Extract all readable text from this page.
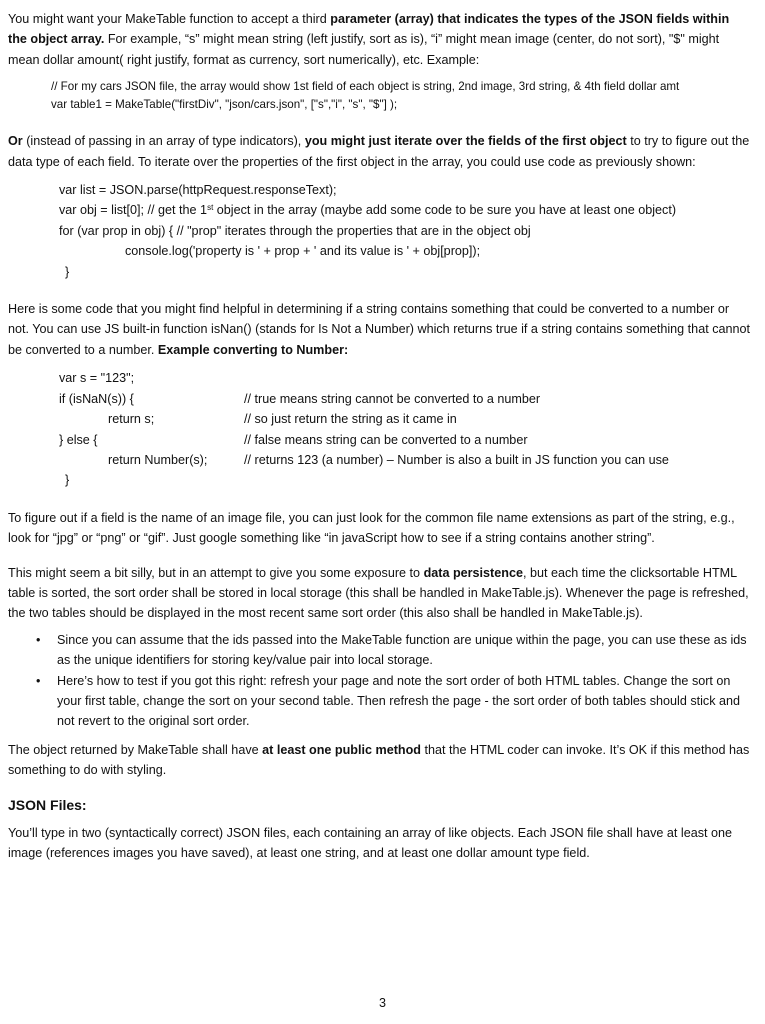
You might want your MakeTable function to accept a third parameter (array) that indicates the types of the JSON fields within the object array. For example, “s” might mean string (left justify, sort as is), “i” might mean image (center, do not sort), "$" might mean dollar amount( right justify, format as currency, sort numerically), etc. Example:

// For my cars JSON file, the array would show 1st field of each object is string, 2nd image, 3rd string, & 4th field dollar amt
var table1 = MakeTable("firstDiv", "json/cars.json", ["s","i", "s", "$"] );

Or (instead of passing in an array of type indicators), you might just iterate over the fields of the first object to try to figure out the data type of each field. To iterate over the properties of the first object in the array, you could use code as previously shown:

var list = JSON.parse(httpRequest.responseText);
var obj = list[0]; // get the 1st object in the array (maybe add some code to be sure you have at least one object)
for (var prop in obj) { // "prop" iterates through the properties that are in the object obj
console.log('property is ' + prop + ' and its value is ' + obj[prop]);
}

Here is some code that you might find helpful in determining if a string contains something that could be converted to a number or not. You can use JS built-in function isNan() (stands for Is Not a Number) which returns true if a string contains something that cannot be converted to a number. Example converting to Number:

var s = "123";
if (isNaN(s)) {	// true means string cannot be converted to a number
return s;	// so just return the string as it came in
} else {	// false means string can be converted to a number
return Number(s);	// returns 123 (a number) – Number is also a built in JS function you can use
}

To figure out if a field is the name of an image file, you can just look for the common file name extensions as part of the string, e.g., look for “jpg” or “png” or “gif”. Just google something like “in javaScript how to see if a string contains another string”.

This might seem a bit silly, but in an attempt to give you some exposure to data persistence, but each time the clicksortable HTML table is sorted, the sort order shall be stored in local storage (this shall be handled in MakeTable.js). Whenever the page is refreshed, the two tables should be displayed in the most recent same sort order (this also shall be handled in MakeTable.js).

• Since you can assume that the ids passed into the MakeTable function are unique within the page, you can use these as ids as the unique identifiers for storing key/value pair into local storage.
• Here’s how to test if you got this right: refresh your page and note the sort order of both HTML tables. Change the sort on your first table, change the sort on your second table. Then refresh the page - the sort order of both tables should stick and not revert to the original sort order.

The object returned by MakeTable shall have at least one public method that the HTML coder can invoke. It’s OK if this method has something to do with styling.

JSON Files:

You’ll type in two (syntactically correct) JSON files, each containing an array of like objects. Each JSON file shall have at least one image (references images you have saved), at least one string, and at least one dollar amount type field.

3
